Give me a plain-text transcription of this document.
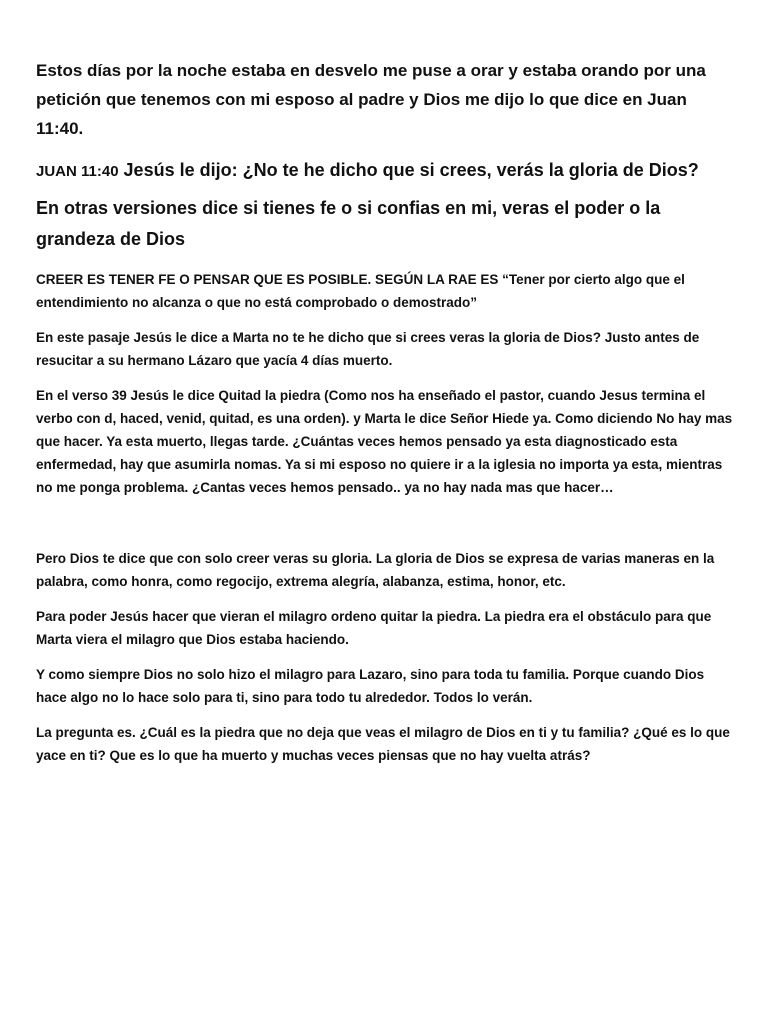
Estos días por la noche estaba en desvelo me puse a orar y estaba orando por una petición que tenemos con mi esposo al padre y Dios me dijo lo que dice en Juan 11:40.

JUAN 11:40 Jesús le dijo: ¿No te he dicho que si crees, verás la gloria de Dios?

En otras versiones dice si tienes fe o si confias en mi, veras el poder o la grandeza de Dios

CREER ES TENER FE O PENSAR QUE ES POSIBLE. SEGÚN LA RAE ES “Tener por cierto algo que el entendimiento no alcanza o que no está comprobado o demostrado”

En este pasaje Jesús le dice a Marta no te he dicho que si crees veras la gloria de Dios? Justo antes de resucitar a su hermano Lázaro que yacía 4 días muerto.

En el verso 39 Jesús le dice Quitad la piedra (Como nos ha enseñado el pastor, cuando Jesus termina el verbo con d, haced, venid, quitad, es una orden). y Marta le dice Señor Hiede ya. Como diciendo No hay mas que hacer. Ya esta muerto, llegas tarde. ¿Cuántas veces hemos pensado ya esta diagnosticado esta enfermedad, hay que asumirla nomas. Ya si mi esposo no quiere ir a la iglesia no importa ya esta, mientras no me ponga problema. ¿Cantas veces hemos pensado.. ya no hay nada mas que hacer…

Pero Dios te dice que con solo creer veras su gloria. La gloria de Dios se expresa de varias maneras en la palabra, como honra, como regocijo, extrema alegría, alabanza, estima, honor, etc.

Para poder Jesús hacer que vieran el milagro ordeno quitar la piedra. La piedra era el obstáculo para que Marta viera el milagro que Dios estaba haciendo.

Y como siempre Dios no solo hizo el milagro para Lazaro, sino para toda tu familia. Porque cuando Dios hace algo no lo hace solo para ti, sino para todo tu alrededor. Todos lo verán.

La pregunta es. ¿Cuál es la piedra que no deja que veas el milagro de Dios en ti y tu familia? ¿Qué es lo que yace en ti? Que es lo que ha muerto y muchas veces piensas que no hay vuelta atrás?
